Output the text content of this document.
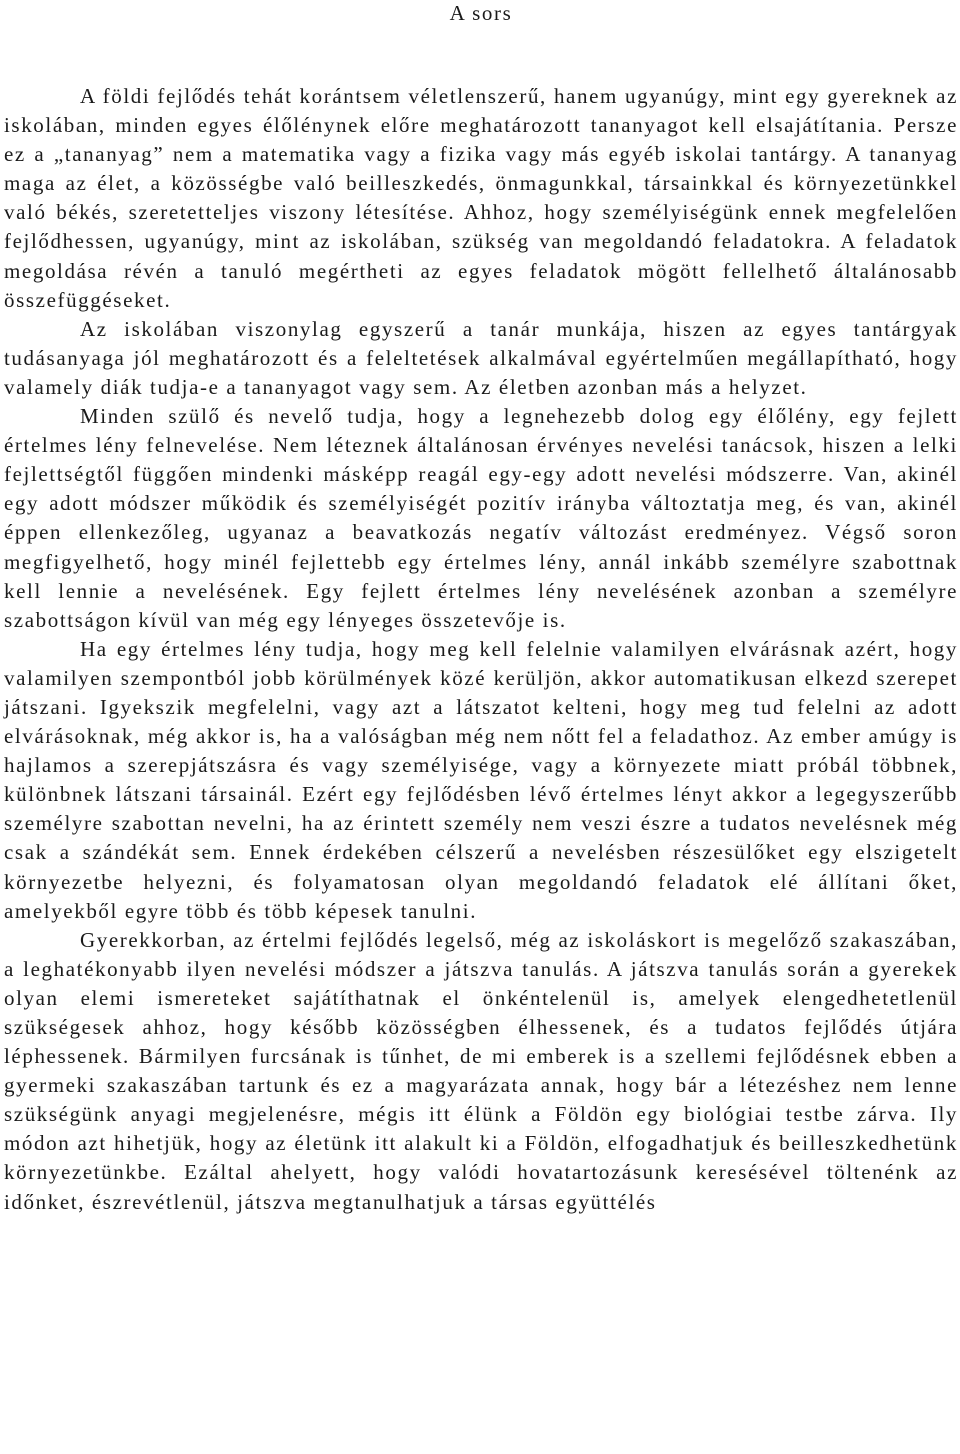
A sors

A földi fejlődés tehát korántsem véletlenszerű, hanem ugyanúgy, mint egy gyereknek az iskolában, minden egyes élőlénynek előre meghatározott tananyagot kell elsajátítania. Persze ez a „tananyag” nem a matematika vagy a fizika vagy más egyéb iskolai tantárgy. A tananyag maga az élet, a közösségbe való beilleszkedés, önmagunkkal, társainkkal és környezetünkkel való békés, szeretetteljes viszony létesítése. Ahhoz, hogy személyiségünk ennek megfelelően fejlődhessen, ugyanúgy, mint az iskolában, szükség van megoldandó feladatokra. A feladatok megoldása révén a tanuló megértheti az egyes feladatok mögött fellelhető általánosabb összefüggéseket.

Az iskolában viszonylag egyszerű a tanár munkája, hiszen az egyes tantárgyak tudásanyaga jól meghatározott és a feleltetések alkalmával egyértelműen megállapítható, hogy valamely diák tudja-e a tananyagot vagy sem. Az életben azonban más a helyzet.

Minden szülő és nevelő tudja, hogy a legnehezebb dolog egy élőlény, egy fejlett értelmes lény felnevelése. Nem léteznek általánosan érvényes nevelési tanácsok, hiszen a lelki fejlettségtől függően mindenki másképp reagál egy-egy adott nevelési módszerre. Van, akinél egy adott módszer működik és személyiségét pozitív irányba változtatja meg, és van, akinél éppen ellenkezőleg, ugyanaz a beavatkozás negatív változást eredményez. Végső soron megfigyelhető, hogy minél fejlettebb egy értelmes lény, annál inkább személyre szabottnak kell lennie a nevelésének. Egy fejlett értelmes lény nevelésének azonban a személyre szabottságon kívül van még egy lényeges összetevője is.

Ha egy értelmes lény tudja, hogy meg kell felelnie valamilyen elvárásnak azért, hogy valamilyen szempontból jobb körülmények közé kerüljön, akkor automatikusan elkezd szerepet játszani. Igyekszik megfelelni, vagy azt a látszatot kelteni, hogy meg tud felelni az adott elvárásoknak, még akkor is, ha a valóságban még nem nőtt fel a feladathoz. Az ember amúgy is hajlamos a szerepjátszásra és vagy személyisége, vagy a környezete miatt próbál többnek, különbnek látszani társainál. Ezért egy fejlődésben lévő értelmes lényt akkor a legegyszerűbb személyre szabottan nevelni, ha az érintett személy nem veszi észre a tudatos nevelésnek még csak a szándékát sem. Ennek érdekében célszerű a nevelésben részesülőket egy elszigetelt környezetbe helyezni, és folyamatosan olyan megoldandó feladatok elé állítani őket, amelyekből egyre több és több képesek tanulni.

Gyerekkorban, az értelmi fejlődés legelső, még az iskoláskort is megelőző szakaszában, a leghatékonyabb ilyen nevelési módszer a játszva tanulás. A játszva tanulás során a gyerekek olyan elemi ismereteket sajátíthatnak el önkéntelenül is, amelyek elengedhetetlenül szükségesek ahhoz, hogy később közösségben élhessenek, és a tudatos fejlődés útjára léphessenek. Bármilyen furcsának is tűnhet, de mi emberek is a szellemi fejlődésnek ebben a gyermeki szakaszában tartunk és ez a magyarázata annak, hogy bár a létezéshez nem lenne szükségünk anyagi megjelenésre, mégis itt élünk a Földön egy biológiai testbe zárva. Ily módon azt hihetjük, hogy az életünk itt alakult ki a Földön, elfogadhatjuk és beilleszkedhetünk környezetünkbe. Ezáltal ahelyett, hogy valódi hovatartozásunk keresésével töltenénk az időnket, észrevétlenül, játszva megtanulhatjuk a társas együttélés
